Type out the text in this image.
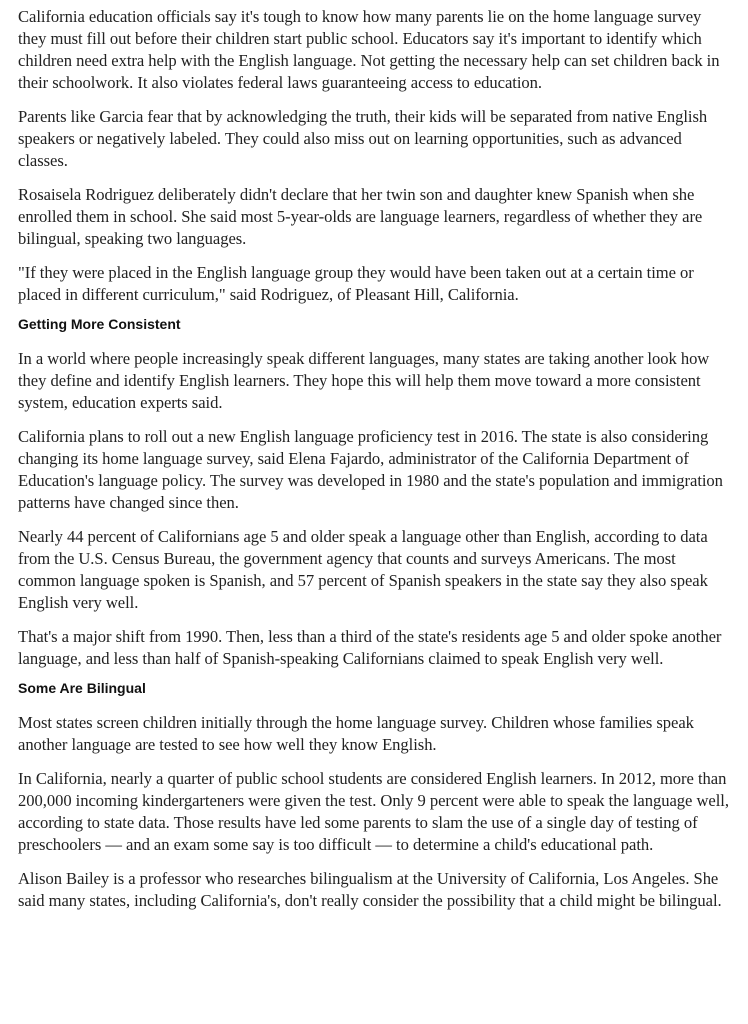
California education officials say it's tough to know how many parents lie on the home language survey they must fill out before their children start public school. Educators say it's important to identify which children need extra help with the English language. Not getting the necessary help can set children back in their schoolwork. It also violates federal laws guaranteeing access to education.

Parents like Garcia fear that by acknowledging the truth, their kids will be separated from native English speakers or negatively labeled. They could also miss out on learning opportunities, such as advanced classes.

Rosaisela Rodriguez deliberately didn't declare that her twin son and daughter knew Spanish when she enrolled them in school. She said most 5-year-olds are language learners, regardless of whether they are bilingual, speaking two languages.

"If they were placed in the English language group they would have been taken out at a certain time or placed in different curriculum," said Rodriguez, of Pleasant Hill, California.

Getting More Consistent

In a world where people increasingly speak different languages, many states are taking another look how they define and identify English learners. They hope this will help them move toward a more consistent system, education experts said.

California plans to roll out a new English language proficiency test in 2016. The state is also considering changing its home language survey, said Elena Fajardo, administrator of the California Department of Education's language policy. The survey was developed in 1980 and the state's population and immigration patterns have changed since then.

Nearly 44 percent of Californians age 5 and older speak a language other than English, according to data from the U.S. Census Bureau, the government agency that counts and surveys Americans. The most common language spoken is Spanish, and 57 percent of Spanish speakers in the state say they also speak English very well.

That's a major shift from 1990. Then, less than a third of the state's residents age 5 and older spoke another language, and less than half of Spanish-speaking Californians claimed to speak English very well.

Some Are Bilingual

Most states screen children initially through the home language survey. Children whose families speak another language are tested to see how well they know English.

In California, nearly a quarter of public school students are considered English learners. In 2012, more than 200,000 incoming kindergarteners were given the test. Only 9 percent were able to speak the language well, according to state data. Those results have led some parents to slam the use of a single day of testing of preschoolers — and an exam some say is too difficult — to determine a child's educational path.

Alison Bailey is a professor who researches bilingualism at the University of California, Los Angeles. She said many states, including California's, don't really consider the possibility that a child might be bilingual.
